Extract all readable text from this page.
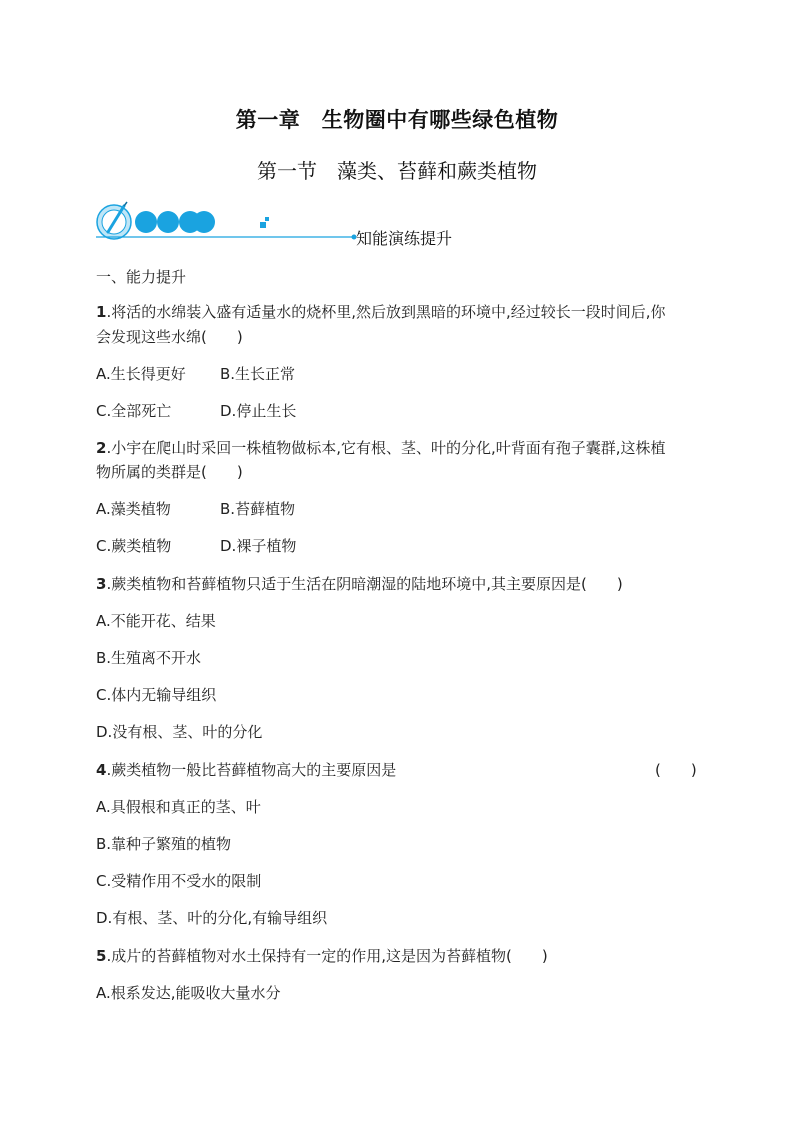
第一章　生物圈中有哪些绿色植物
第一节　藻类、苔藓和蕨类植物
知能演练提升
一、能力提升
1.将活的水绵装入盛有适量水的烧杯里,然后放到黑暗的环境中,经过较长一段时间后,你
会发现这些水绵(　　)
A.生长得更好 B.生长正常
C.全部死亡	D.停止生长
2.小宇在爬山时采回一株植物做标本,它有根、茎、叶的分化,叶背面有孢子囊群,这株植
物所属的类群是(　　)
A.藻类植物	B.苔藓植物
C.蕨类植物	D.裸子植物
3.蕨类植物和苔藓植物只适于生活在阴暗潮湿的陆地环境中,其主要原因是(　　)
A.不能开花、结果
B.生殖离不开水
C.体内无输导组织
D.没有根、茎、叶的分化
4.蕨类植物一般比苔藓植物高大的主要原因是	(　　)
A.具假根和真正的茎、叶
B.靠种子繁殖的植物
C.受精作用不受水的限制
D.有根、茎、叶的分化,有输导组织
5.成片的苔藓植物对水土保持有一定的作用,这是因为苔藓植物(　　)
A.根系发达,能吸收大量水分
